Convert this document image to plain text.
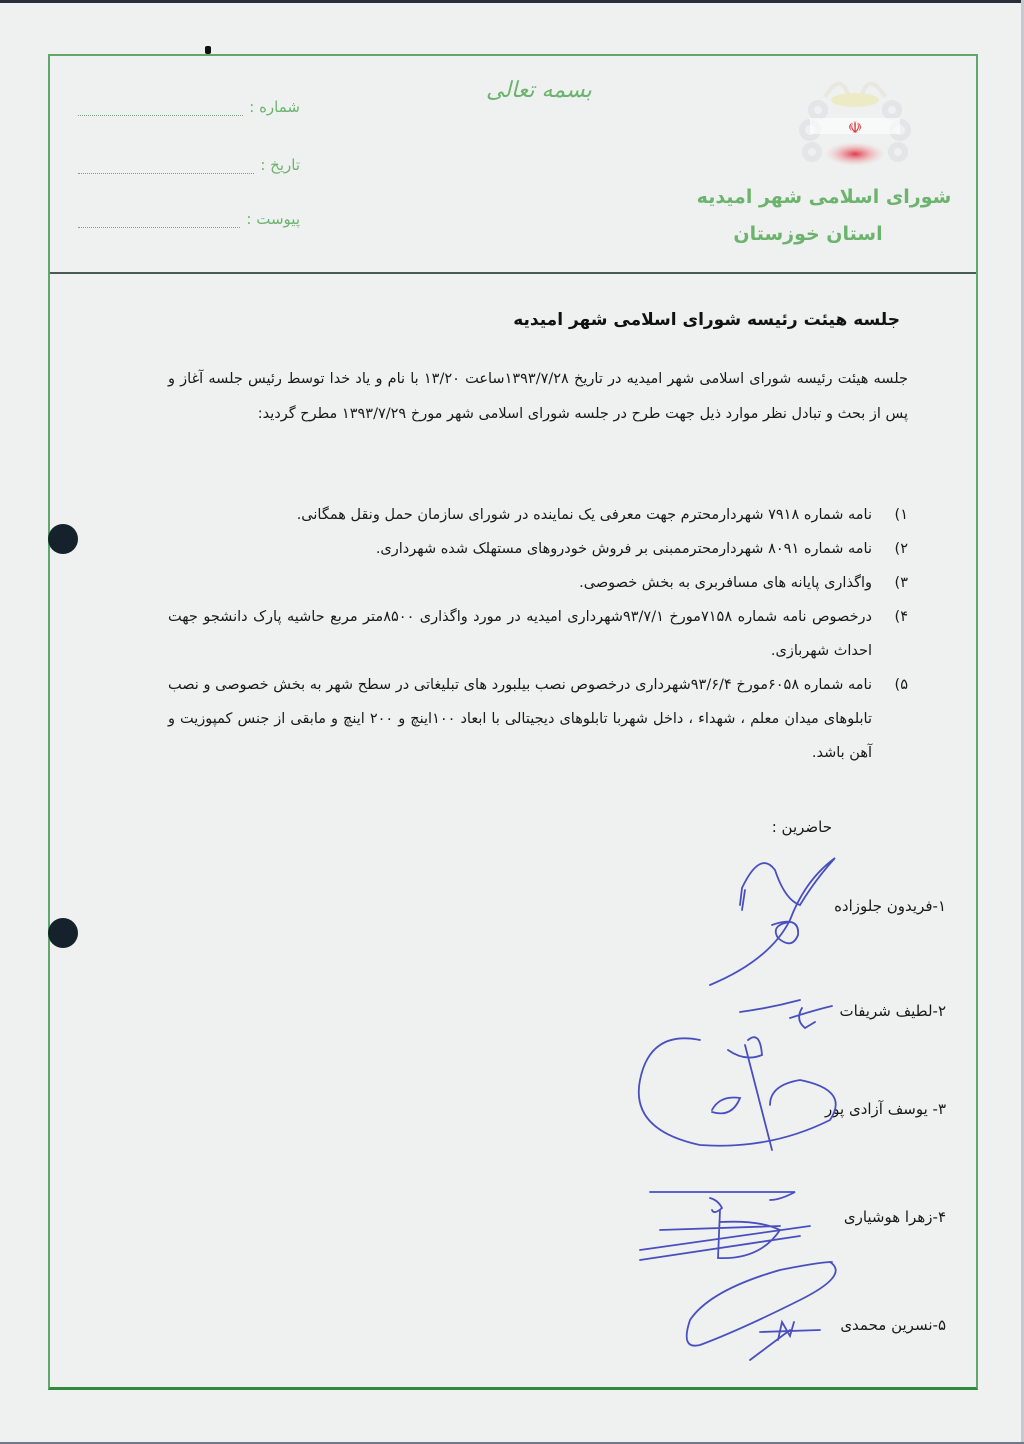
☫
شورای اسلامی شهر امیدیه
استان خوزستان
بسمه تعالی
شماره :
تاریخ :
پیوست :
جلسه هیئت رئیسه شورای اسلامی شهر امیدیه
جلسه هیئت رئیسه شورای اسلامی شهر امیدیه در تاریخ ۱۳۹۳/۷/۲۸ساعت ۱۳/۲۰ با نام و یاد خدا توسط رئیس جلسه آغاز و پس از بحث و تبادل نظر موارد ذیل جهت طرح در جلسه شورای اسلامی شهر مورخ ۱۳۹۳/۷/۲۹ مطرح گردید:
۱)
نامه شماره ۷۹۱۸ شهردارمحترم جهت معرفی یک نماینده در شورای سازمان حمل ونقل همگانی.
۲)
نامه شماره ۸۰۹۱ شهردارمحترممبنی بر فروش خودروهای مستهلک شده شهرداری.
۳)
واگذاری پایانه های مسافربری به بخش خصوصی.
۴)
درخصوص نامه شماره ۷۱۵۸مورخ ۹۳/۷/۱شهرداری امیدیه در مورد واگذاری ۸۵۰۰متر مربع حاشیه پارک دانشجو جهت احداث شهربازی.
۵)
نامه شماره ۶۰۵۸مورخ ۹۳/۶/۴شهرداری درخصوص نصب بیلبورد های تبلیغاتی در سطح شهر به بخش خصوصی و نصب تابلوهای میدان معلم ، شهداء ، داخل شهربا تابلوهای دیجیتالی با ابعاد ۱۰۰اینچ و ۲۰۰ اینچ و مابقی از جنس کمپوزیت و آهن باشد.
حاضرین :
۱-فریدون جلوزاده
۲-لطیف شریفات
۳- یوسف آزادی پور
۴-زهرا هوشیاری
۵-نسرین محمدی
